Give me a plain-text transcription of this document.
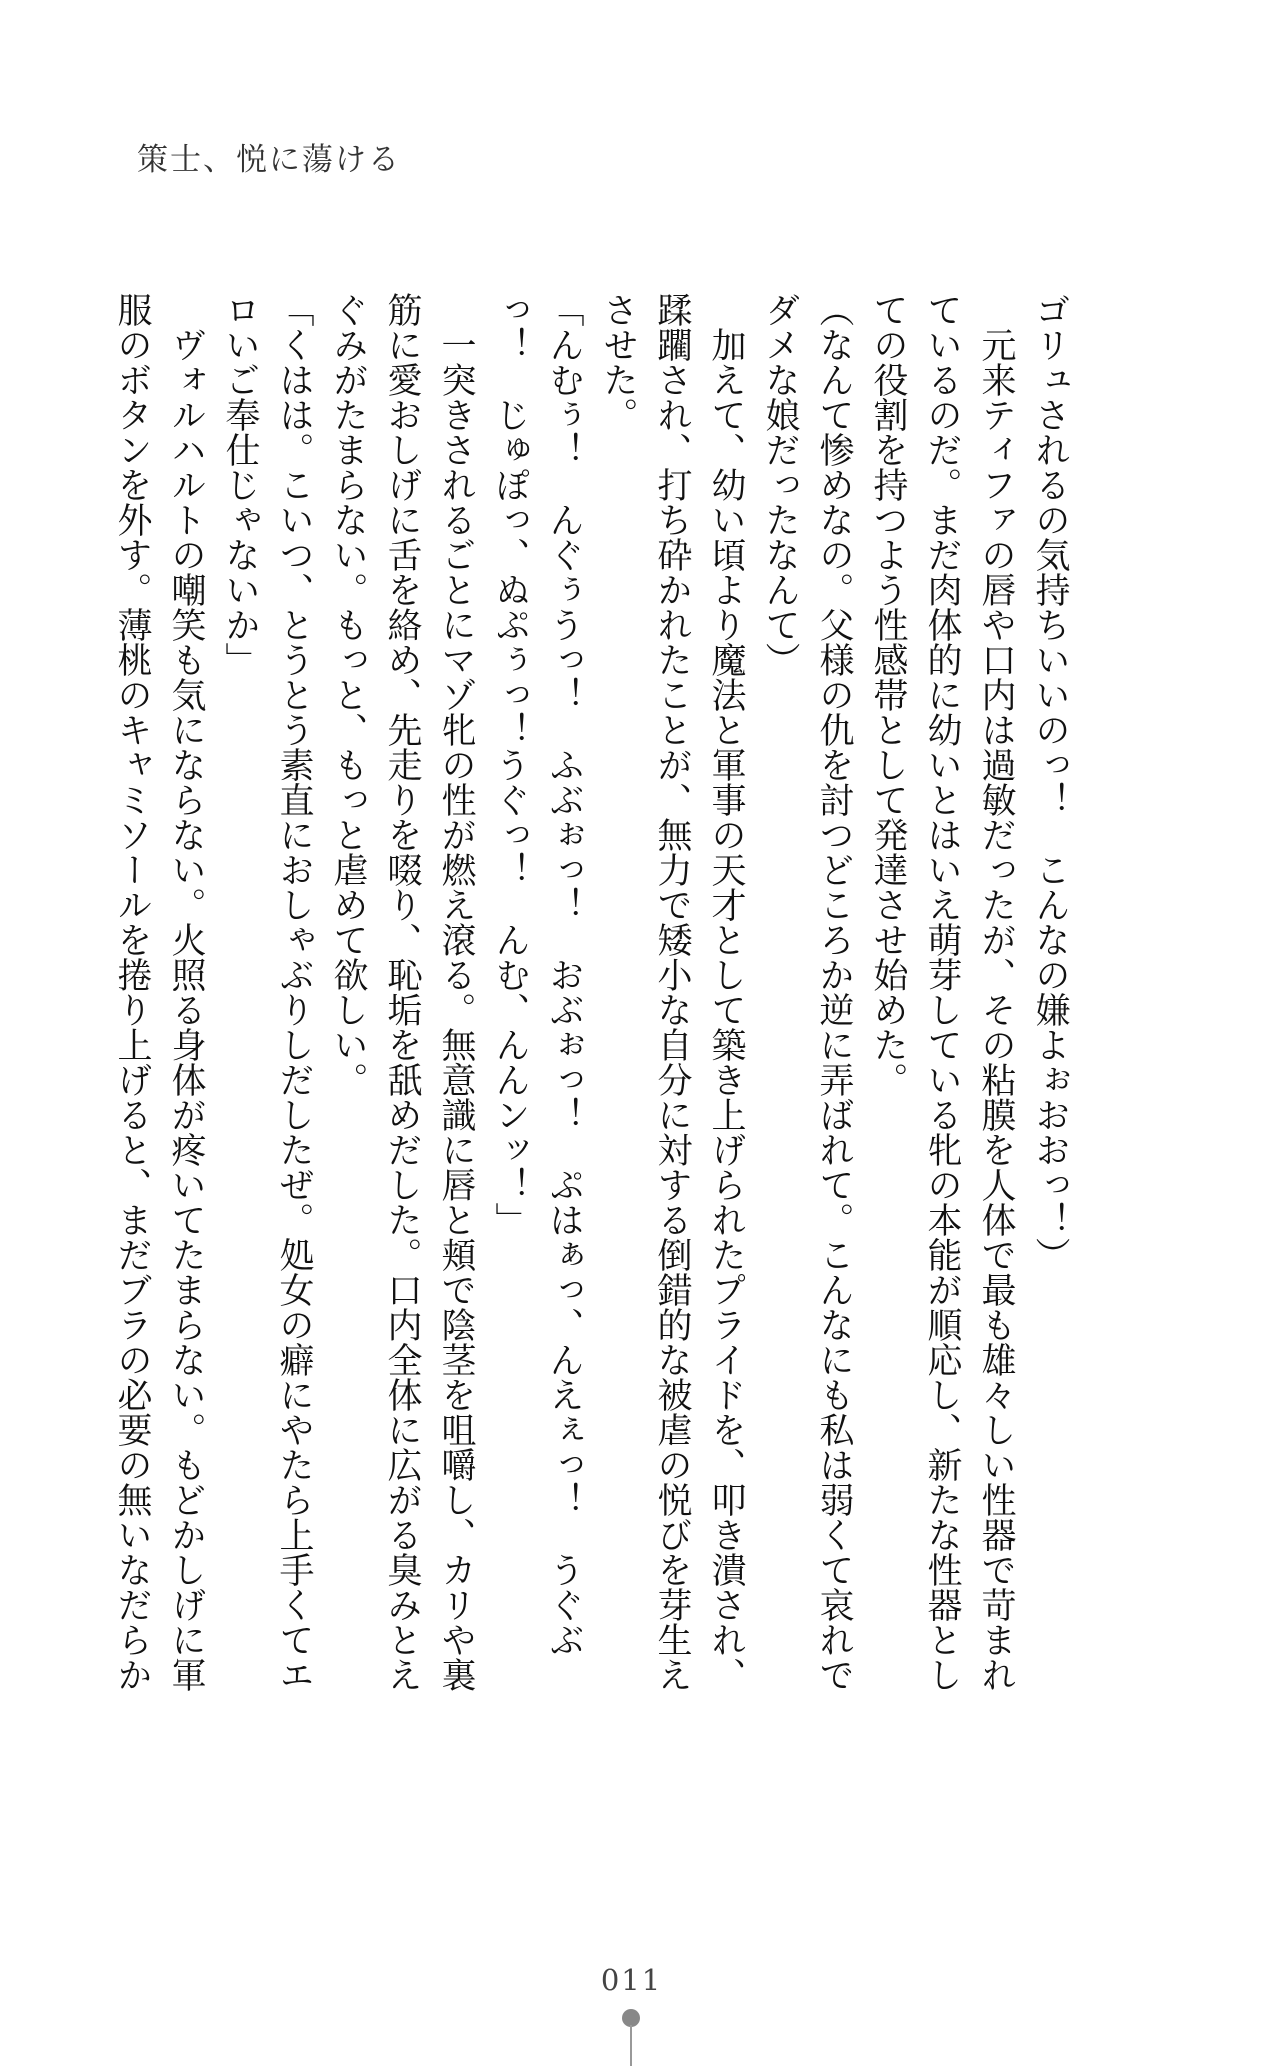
策士、悦に蕩ける
ゴリュされるの気持ちいいのっ！　こんなの嫌よぉおおっ！）
　元来ティファの唇や口内は過敏だったが、その粘膜を人体で最も雄々しい性器で苛まれ
ているのだ。まだ肉体的に幼いとはいえ萌芽している牝の本能が順応し、新たな性器とし
ての役割を持つよう性感帯として発達させ始めた。
（なんて惨めなの。父様の仇を討つどころか逆に弄ばれて。こんなにも私は弱くて哀れで
ダメな娘だったなんて）
　加えて、幼い頃より魔法と軍事の天才として築き上げられたプライドを、叩き潰され、
蹂躙され、打ち砕かれたことが、無力で矮小な自分に対する倒錯的な被虐の悦びを芽生え
させた。
「んむぅ！　んぐぅうっ！　ふぶぉっ！　おぶぉっ！　ぷはぁっ、んえぇっ！　うぐぶ
っ！　じゅぽっ、ぬぷぅっ！うぐっ！　んむ、んんンッ！」
　一突きされるごとにマゾ牝の性が燃え滾る。無意識に唇と頬で陰茎を咀嚼し、カリや裏
筋に愛おしげに舌を絡め、先走りを啜り、恥垢を舐めだした。口内全体に広がる臭みとえ
ぐみがたまらない。もっと、もっと虐めて欲しい。
「くはは。こいつ、とうとう素直におしゃぶりしだしたぜ。処女の癖にやたら上手くてエ
ロいご奉仕じゃないか」
　ヴォルハルトの嘲笑も気にならない。火照る身体が疼いてたまらない。もどかしげに軍
服のボタンを外す。薄桃のキャミソールを捲り上げると、まだブラの必要の無いなだらか
011
